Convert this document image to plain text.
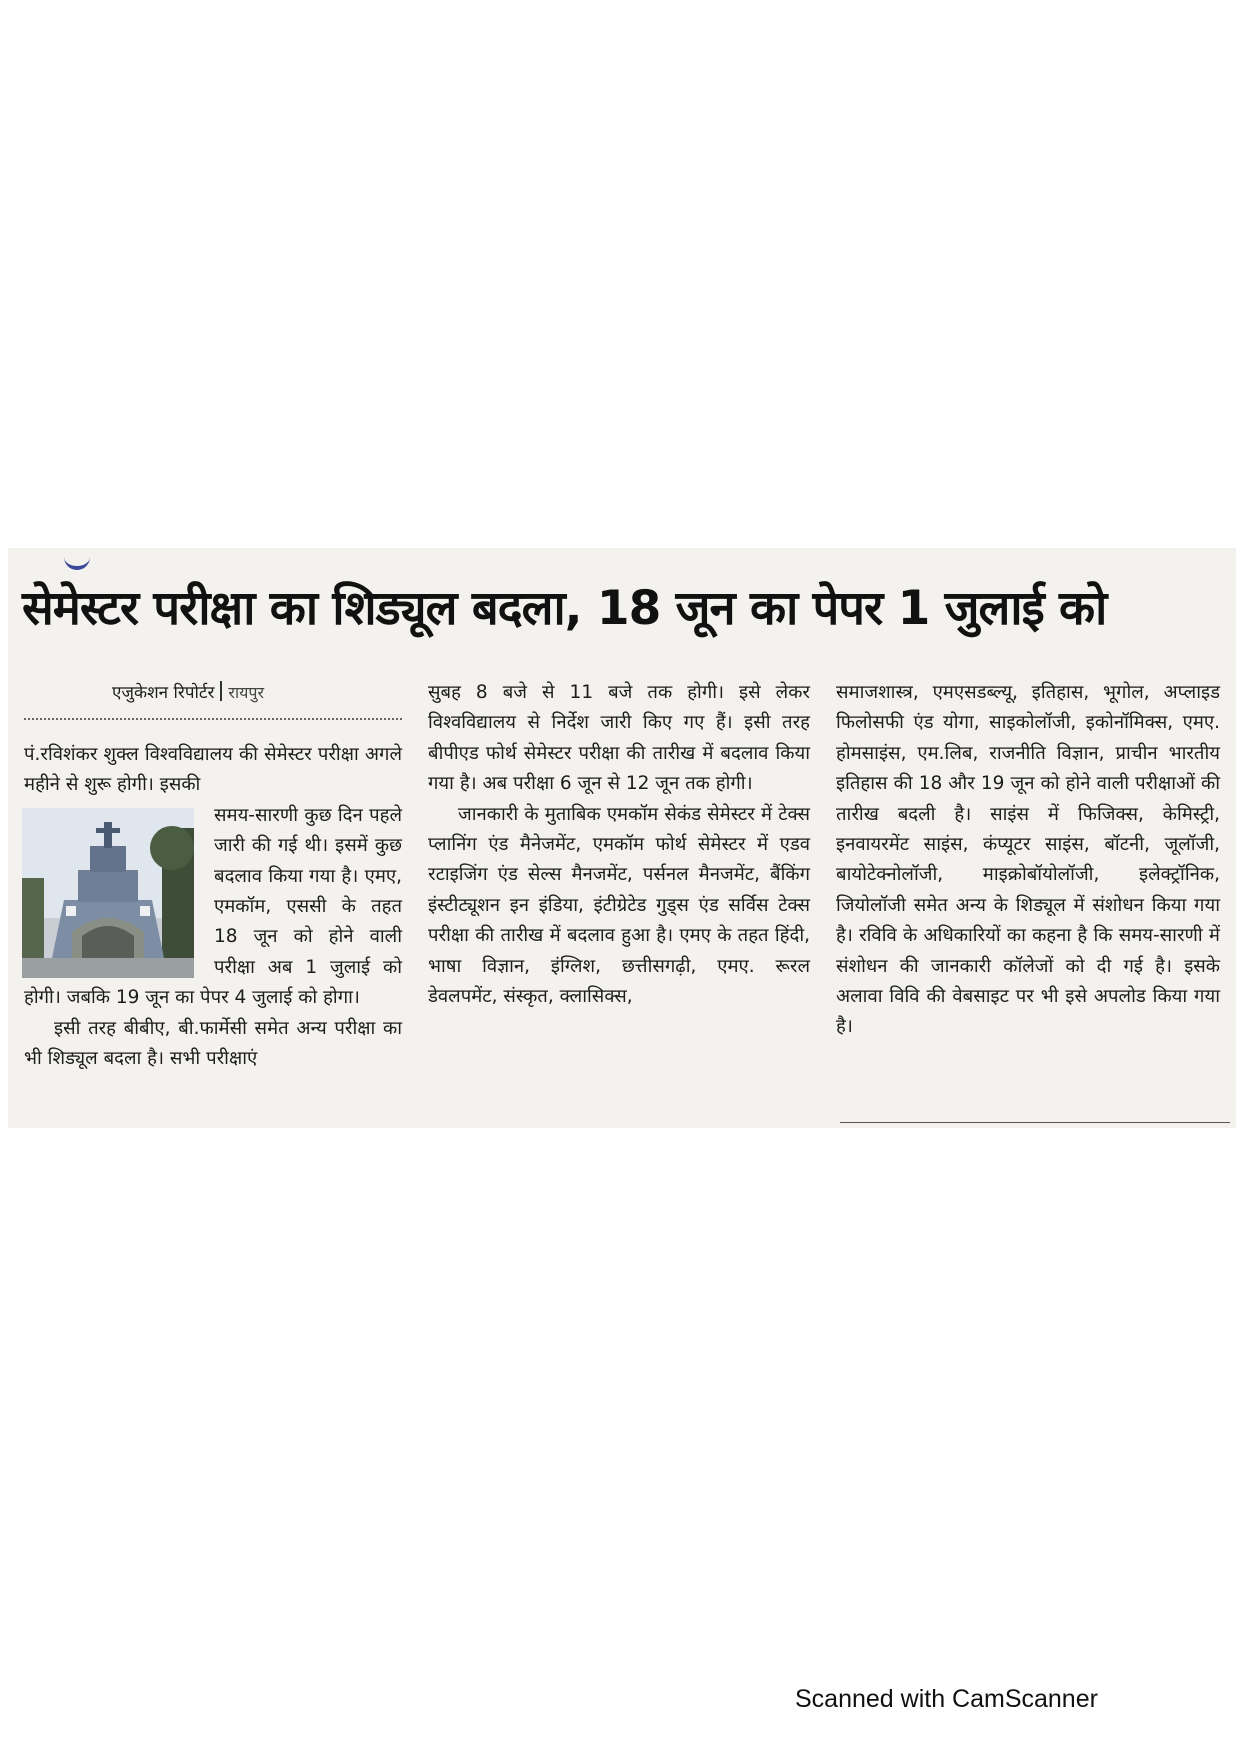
सेमेस्टर परीक्षा का शिड्यूल बदला, 18 जून का पेपर 1 जुलाई को
एजुकेशन रिपोर्टर रायपुर

पं.रविशंकर शुक्ल विश्वविद्यालय की सेमेस्टर परीक्षा अगले महीने से शुरू होगी। इसकी

समय-सारणी कुछ दिन पहले जारी की गई थी। इसमें कुछ बदलाव किया गया है। एमए, एमकॉम, एससी के तहत 18 जून को होने वाली परीक्षा अब 1 जुलाई को होगी। जबकि 19 जून का पेपर 4 जुलाई को होगा।

इसी तरह बीबीए, बी.फार्मेसी समेत अन्य परीक्षा का भी शिड्यूल बदला है। सभी परीक्षाएं

सुबह 8 बजे से 11 बजे तक होगी। इसे लेकर विश्वविद्यालय से निर्देश जारी किए गए हैं। इसी तरह बीपीएड फोर्थ सेमेस्टर परीक्षा की तारीख में बदलाव किया गया है। अब परीक्षा 6 जून से 12 जून तक होगी।

जानकारी के मुताबिक एमकॉम सेकंड सेमेस्टर में टेक्स प्लानिंग एंड मैनेजमेंट, एमकॉम फोर्थ सेमेस्टर में एडव रटाइजिंग एंड सेल्स मैनजमेंट, पर्सनल मैनजमेंट, बैंकिंग इंस्टीट्यूशन इन इंडिया, इंटीग्रेटेड गुड्स एंड सर्विस टेक्स परीक्षा की तारीख में बदलाव हुआ है। एमए के तहत हिंदी, भाषा विज्ञान, इंग्लिश, छत्तीसगढ़ी, एमए. रूरल डेवलपमेंट, संस्कृत, क्लासिक्स,

समाजशास्त्र, एमएसडब्ल्यू, इतिहास, भूगोल, अप्लाइड फिलोसफी एंड योगा, साइकोलॉजी, इकोनॉमिक्स, एमए. होमसाइंस, एम.लिब, राजनीति विज्ञान, प्राचीन भारतीय इतिहास की 18 और 19 जून को होने वाली परीक्षाओं की तारीख बदली है। साइंस में फिजिक्स, केमिस्ट्री, इनवायरमेंट साइंस, कंप्यूटर साइंस, बॉटनी, जूलॉजी, बायोटेक्नोलॉजी, माइक्रोबॉयोलॉजी, इलेक्ट्रॉनिक, जियोलॉजी समेत अन्य के शिड्यूल में संशोधन किया गया है। रविवि के अधिकारियों का कहना है कि समय-सारणी में संशोधन की जानकारी कॉलेजों को दी गई है। इसके अलावा विवि की वेबसाइट पर भी इसे अपलोड किया गया है।

Scanned with CamScanner
